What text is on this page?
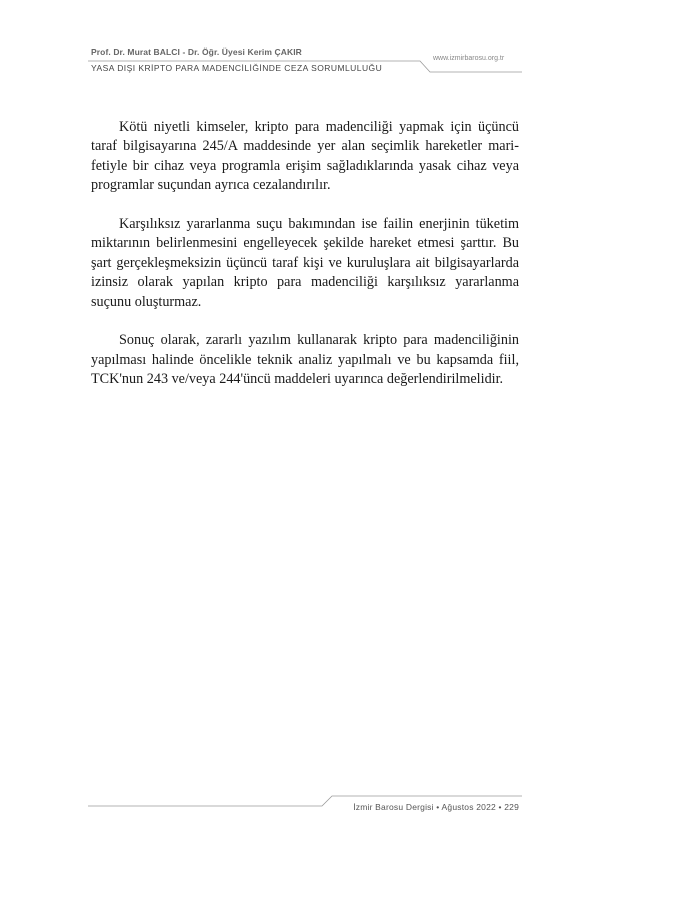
Prof. Dr. Murat BALCI - Dr. Öğr. Üyesi Kerim ÇAKIR
YASA DIŞI KRİPTO PARA MADENCİLİĞİNDE CEZA SORUMLULUĞU
www.izmirbarosu.org.tr

Kötü niyetli kimseler, kripto para madenciliği yapmak için üçüncü taraf bilgisayarına 245/A maddesinde yer alan seçimlik hareketler marifetiyle bir cihaz veya programla erişim sağladıklarında yasak cihaz veya programlar suçundan ayrıca cezalandırılır.

Karşılıksız yararlanma suçu bakımından ise failin enerjinin tüketim miktarının belirlenmesini engelleyecek şekilde hareket etmesi şarttır. Bu şart gerçekleşmeksizin üçüncü taraf kişi ve kuruluşlara ait bilgisayarlarda izinsiz olarak yapılan kripto para madenciliği karşılıksız yararlanma suçunu oluşturmaz.

Sonuç olarak, zararlı yazılım kullanarak kripto para madenciliğinin yapılması halinde öncelikle teknik analiz yapılmalı ve bu kapsamda fiil, TCK'nun 243 ve/veya 244'üncü maddeleri uyarınca değerlendirilmelidir.

İzmir Barosu Dergisi • Ağustos 2022 • 229
